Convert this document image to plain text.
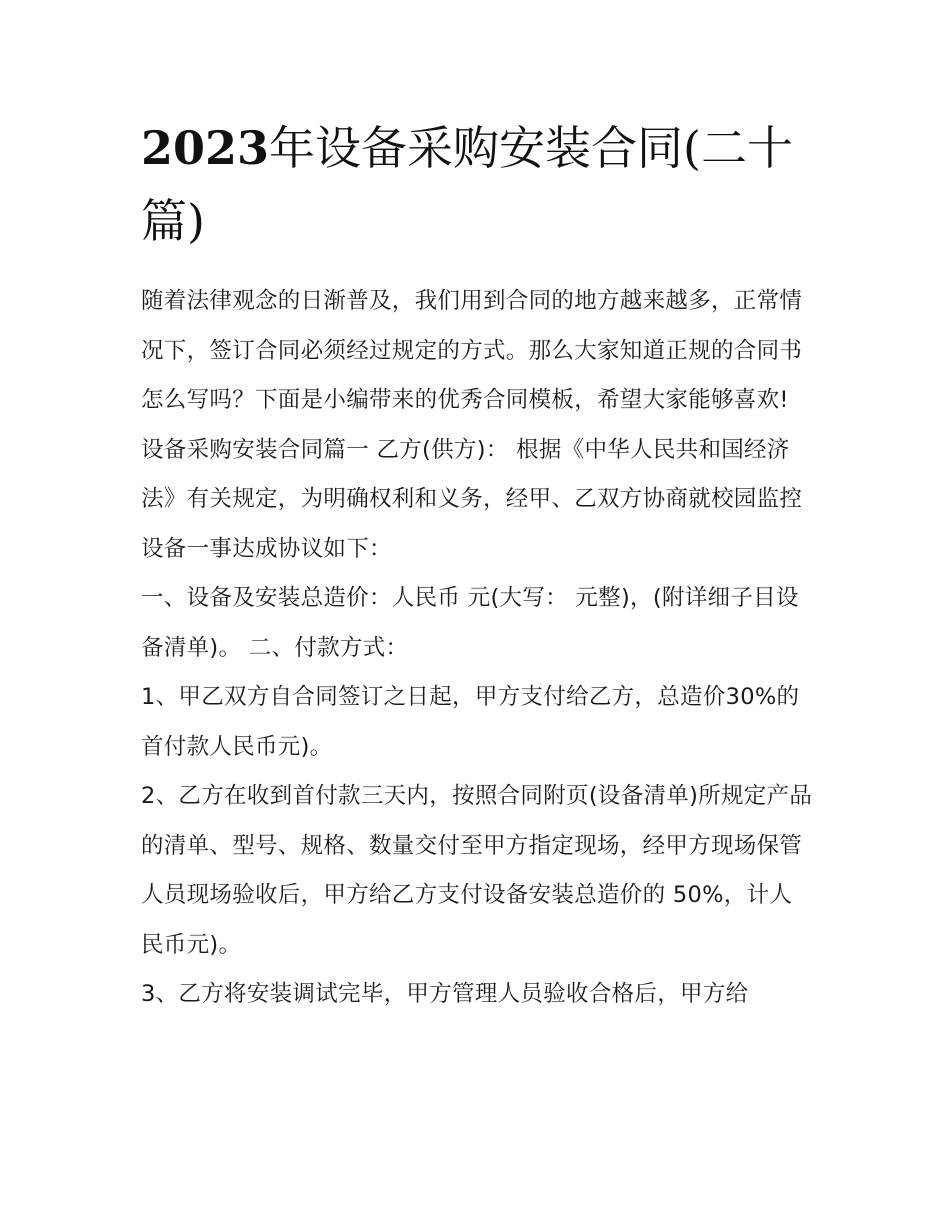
2023年设备采购安装合同(二十篇)

随着法律观念的日渐普及，我们用到合同的地方越来越多，正常情况下，签订合同必须经过规定的方式。那么大家知道正规的合同书怎么写吗？下面是小编带来的优秀合同模板，希望大家能够喜欢!

设备采购安装合同篇一 乙方(供方)： 根据《中华人民共和国经济法》有关规定，为明确权利和义务，经甲、乙双方协商就校园监控设备一事达成协议如下：

一、设备及安装总造价：人民币 元(大写： 元整)，(附详细子目设备清单)。 二、付款方式：

1、甲乙双方自合同签订之日起，甲方支付给乙方，总造价30%的首付款人民币元)。

2、乙方在收到首付款三天内，按照合同附页(设备清单)所规定产品的清单、型号、规格、数量交付至甲方指定现场，经甲方现场保管人员现场验收后，甲方给乙方支付设备安装总造价的 50%，计人民币元)。

3、乙方将安装调试完毕，甲方管理人员验收合格后，甲方给
